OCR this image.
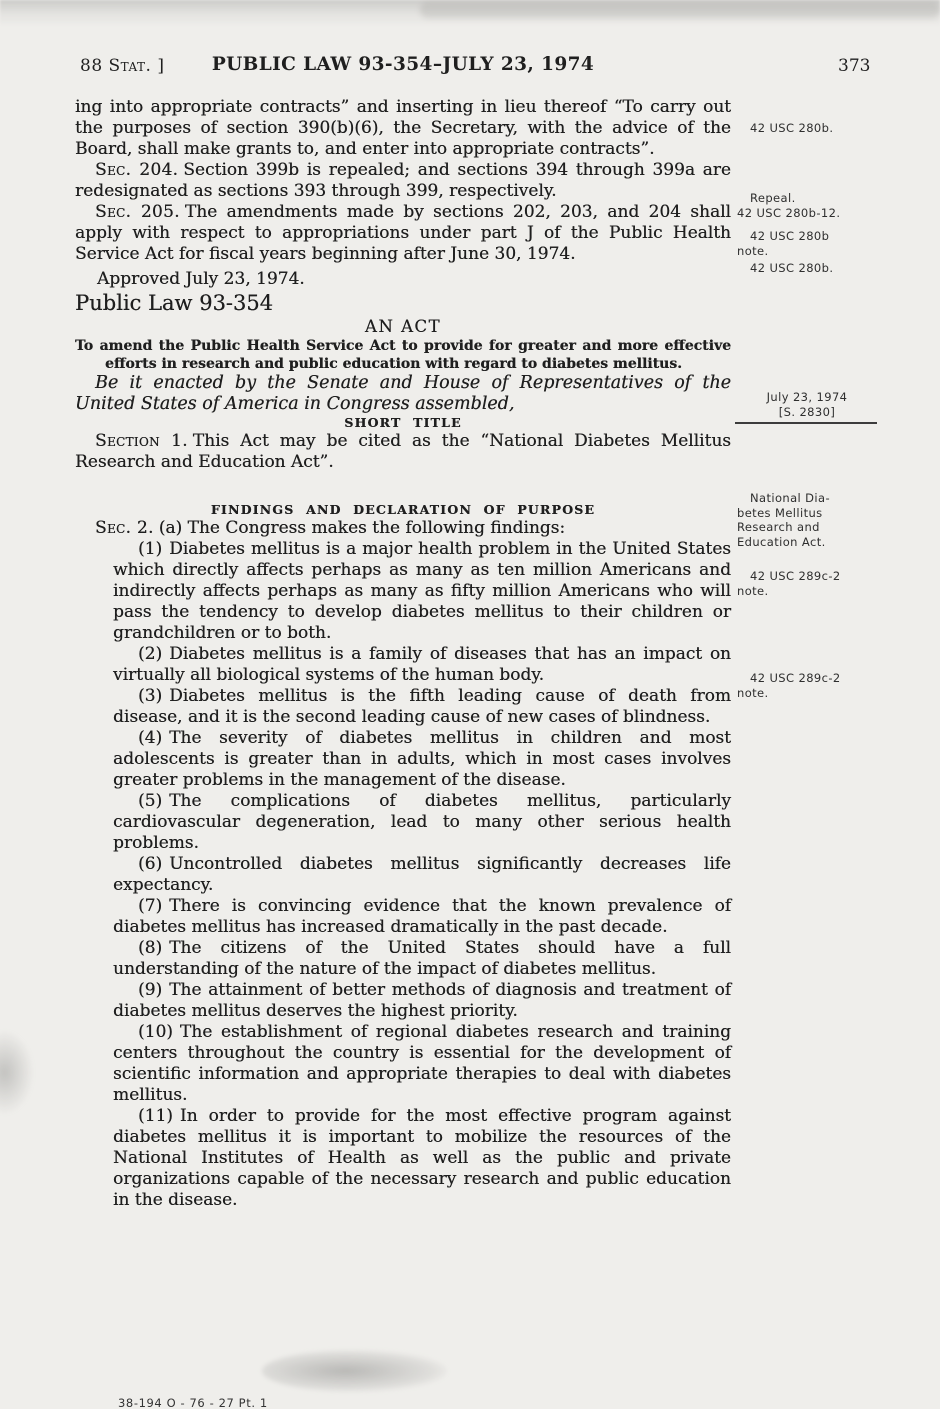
88 Stat. ]	PUBLIC LAW 93-354–JULY 23, 1974	373

ing into appropriate contracts” and inserting in lieu thereof “To carry out the purposes of section 390(b)(6), the Secretary, with the advice of the Board, shall make grants to, and enter into appropriate contracts”.

Sec. 204. Section 399b is repealed; and sections 394 through 399a are redesignated as sections 393 through 399, respectively.

Sec. 205. The amendments made by sections 202, 203, and 204 shall apply with respect to appropriations under part J of the Public Health Service Act for fiscal years beginning after June 30, 1974.

Approved July 23, 1974.

Public Law 93-354

AN ACT

To amend the Public Health Service Act to provide for greater and more effective efforts in research and public education with regard to diabetes mellitus.

Be it enacted by the Senate and House of Representatives of the United States of America in Congress assembled,

SHORT TITLE

Section 1. This Act may be cited as the “National Diabetes Mellitus Research and Education Act”.

FINDINGS AND DECLARATION OF PURPOSE

Sec. 2. (a) The Congress makes the following findings:

(1) Diabetes mellitus is a major health problem in the United States which directly affects perhaps as many as ten million Americans and indirectly affects perhaps as many as fifty million Americans who will pass the tendency to develop diabetes mellitus to their children or grandchildren or to both.
(2) Diabetes mellitus is a family of diseases that has an impact on virtually all biological systems of the human body.
(3) Diabetes mellitus is the fifth leading cause of death from disease, and it is the second leading cause of new cases of blindness.
(4) The severity of diabetes mellitus in children and most adolescents is greater than in adults, which in most cases involves greater problems in the management of the disease.
(5) The complications of diabetes mellitus, particularly cardiovascular degeneration, lead to many other serious health problems.
(6) Uncontrolled diabetes mellitus significantly decreases life expectancy.
(7) There is convincing evidence that the known prevalence of diabetes mellitus has increased dramatically in the past decade.
(8) The citizens of the United States should have a full understanding of the nature of the impact of diabetes mellitus.
(9) The attainment of better methods of diagnosis and treatment of diabetes mellitus deserves the highest priority.
(10) The establishment of regional diabetes research and training centers throughout the country is essential for the development of scientific information and appropriate therapies to deal with diabetes mellitus.
(11) In order to provide for the most effective program against diabetes mellitus it is important to mobilize the resources of the National Institutes of Health as well as the public and private organizations capable of the necessary research and public education in the disease.
42 USC 280b.
Repeal.
42 USC 280b-12.
42 USC 280b
note.
42 USC 280b.
July 23, 1974
[S. 2830]
National Dia-
betes Mellitus
Research and
Education Act.
42 USC 289c-2
note.
42 USC 289c-2
note.
38-194 O - 76 - 27 Pt. 1
